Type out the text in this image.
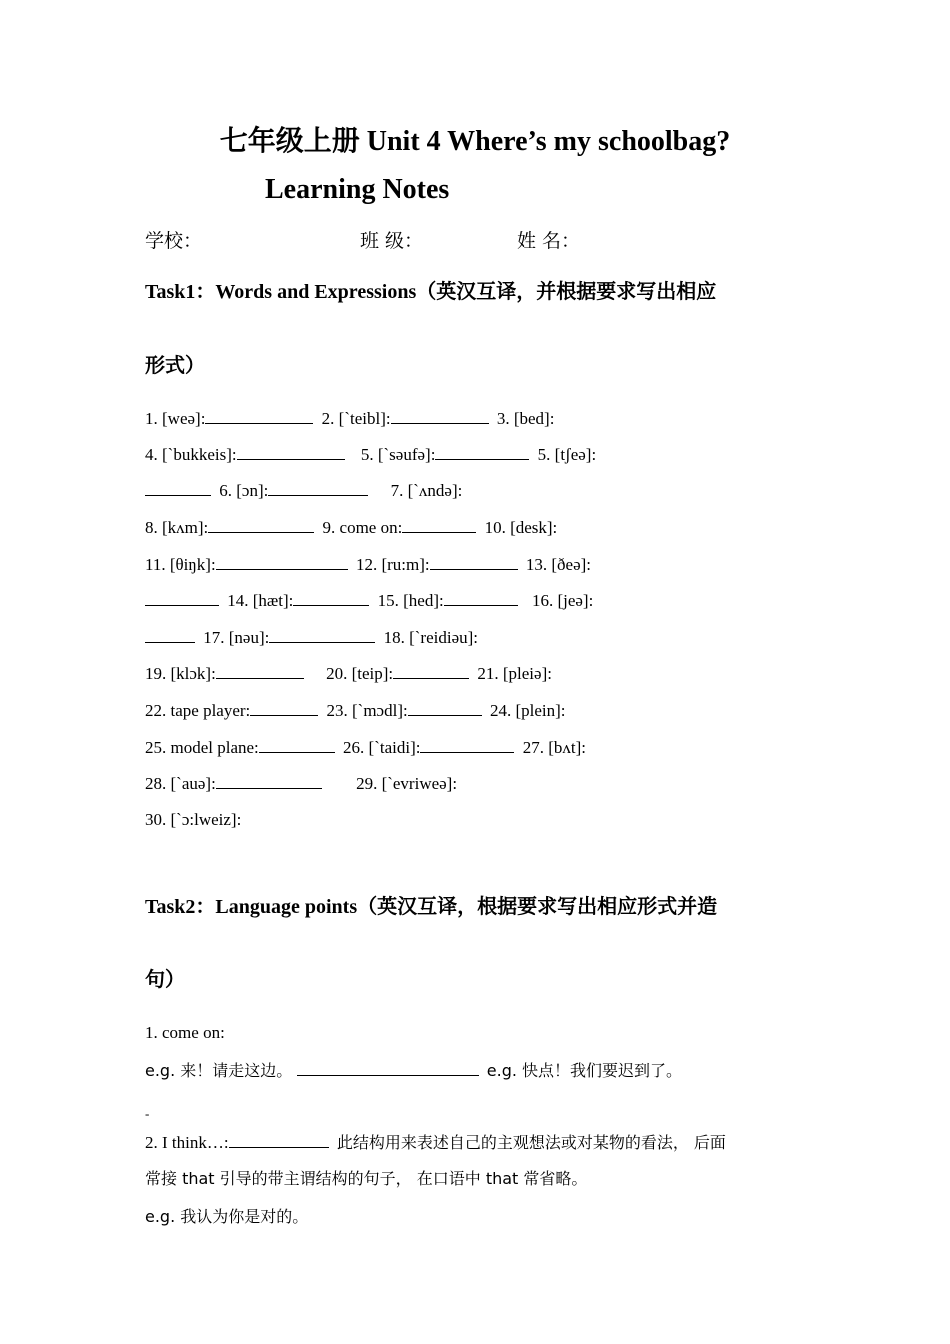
七年级上册 Unit 4 Where’s my schoolbag?
Learning Notes
学校：	班 级：	姓 名：
Task1：Words and Expressions（英汉互译，并根据要求写出相应
形式）
1. [weə]:	2. [`teibl]:	3. [bed]:
4. [`bukkeis]:	5. [`səufə]:	5. [tʃeə]:
6. [ɔn]:	7. [`ʌndə]:
8. [kʌm]:	9. come on:	10. [desk]:
11. [θiŋk]:	12. [ru:m]:	13. [ðeə]:
14. [hæt]:	15. [hed]:	16. [jeə]:
17. [nəu]:	18. [`reidiəu]:
19. [klɔk]:	20. [teip]:	21. [pleiə]:
22. tape player:	23. [`mɔdl]:	24. [plein]:
25. model plane:	26. [`taidi]:	27. [bʌt]:
28. [`auə]:	29. [`evriweə]:
30. [`ɔ:lweiz]:
Task2：Language points（英汉互译，根据要求写出相应形式并造
句）
1. come on:
e.g. 来！请走这边。	e.g. 快点！我们要迟到了。
-
2. I think…:	此结构用来表述自己的主观想法或对某物的看法， 后面
常接 that 引导的带主谓结构的句子， 在口语中 that 常省略。
e.g. 我认为你是对的。
